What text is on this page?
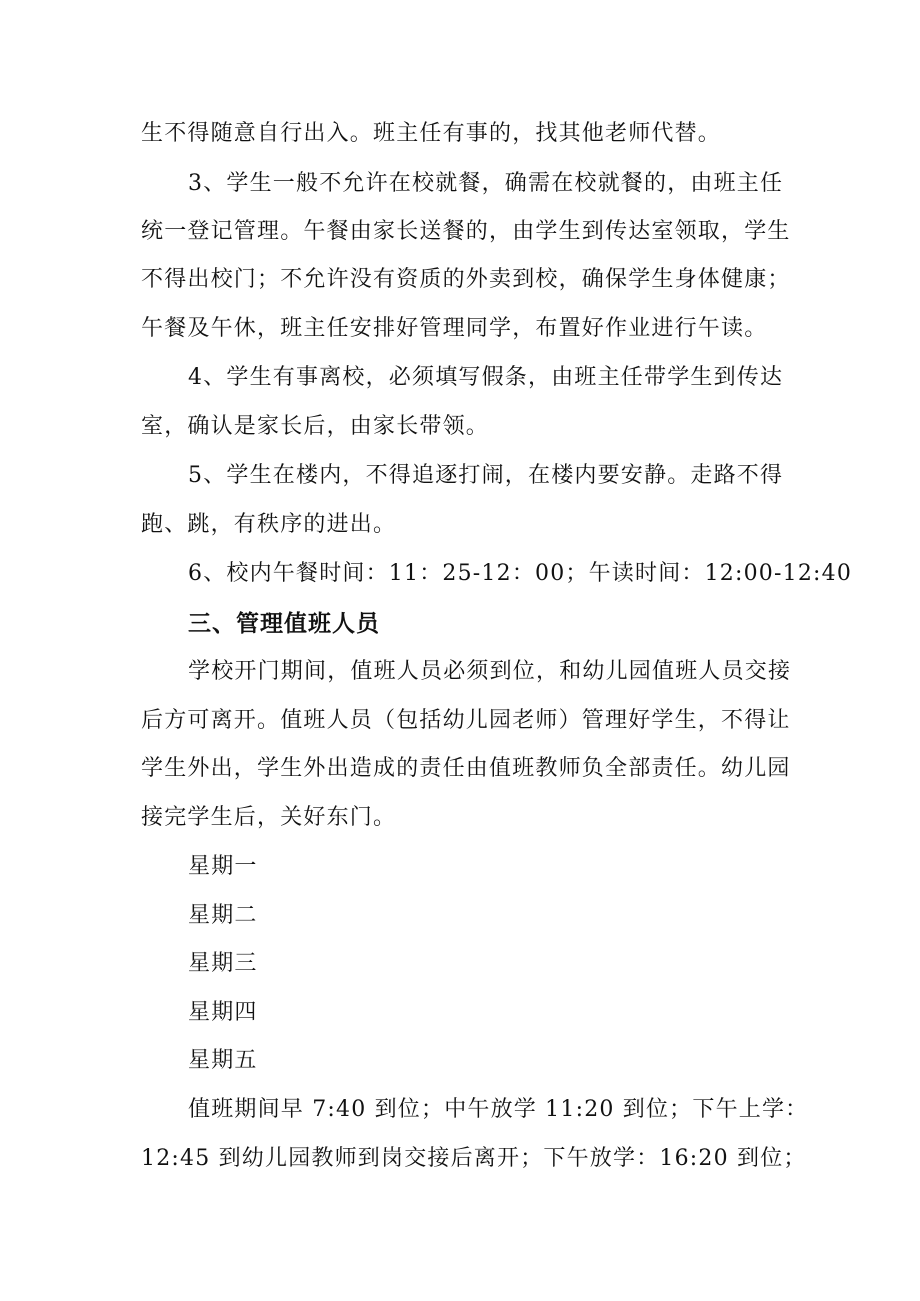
生不得随意自行出入。班主任有事的，找其他老师代替。
3、学生一般不允许在校就餐，确需在校就餐的，由班主任
统一登记管理。午餐由家长送餐的，由学生到传达室领取，学生
不得出校门；不允许没有资质的外卖到校，确保学生身体健康；
午餐及午休，班主任安排好管理同学，布置好作业进行午读。
4、学生有事离校，必须填写假条，由班主任带学生到传达
室，确认是家长后，由家长带领。
5、学生在楼内，不得追逐打闹，在楼内要安静。走路不得
跑、跳，有秩序的进出。
6、校内午餐时间：11：25-12：00；午读时间：12:00-12:40
三、管理值班人员
学校开门期间，值班人员必须到位，和幼儿园值班人员交接
后方可离开。值班人员（包括幼儿园老师）管理好学生，不得让
学生外出，学生外出造成的责任由值班教师负全部责任。幼儿园
接完学生后，关好东门。
星期一
星期二
星期三
星期四
星期五
值班期间早 7:40 到位；中午放学 11:20 到位；下午上学：
12:45 到幼儿园教师到岗交接后离开；下午放学：16:20 到位；
